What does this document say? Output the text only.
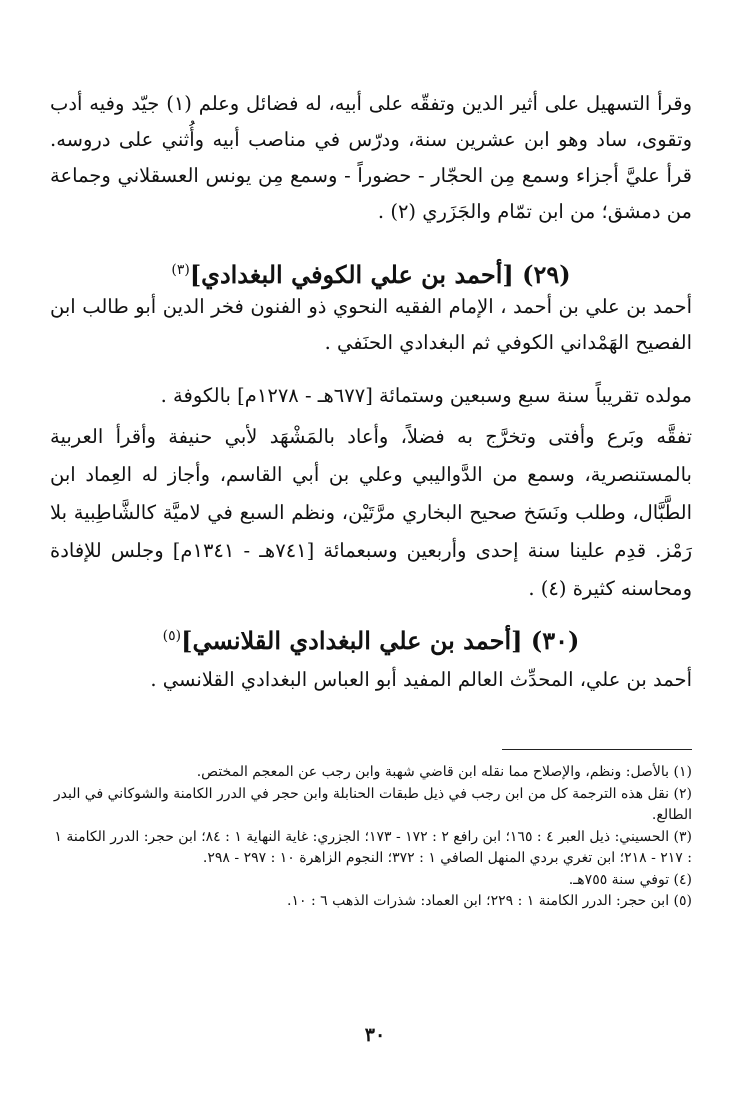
وقرأ التسهيل على أثير الدين وتفقّه على أبيه، له فضائل وعلم (١) جيّد وفيه أدب وتقوى، ساد وهو ابن عشرين سنة، ودرّس في مناصب أبيه وأُثني على دروسه. قرأ عليَّ أجزاء وسمع مِن الحجّار - حضوراً - وسمع مِن يونس العسقلاني وجماعة من دمشق؛ من ابن تمّام والجَزَري (٢) .

(٢٩) [أحمد بن علي الكوفي البغدادي]$^{(٣)}$

أحمد بن علي بن أحمد ، الإمام الفقيه النحوي ذو الفنون فخر الدين أبو طالب ابن الفصيح الهَمْداني الكوفي ثم البغدادي الحنَفي .

مولده تقريباً سنة سبع وسبعين وستمائة [٦٧٧هـ - ١٢٧٨م] بالكوفة .

تفقَّه وبَرع وأفتى وتخرَّج به فضلاً، وأعاد بالمَشْهَد لأبي حنيفة وأقرأ العربية بالمستنصرية، وسمع من الدَّواليبي وعلي بن أبي القاسم، وأجاز له العِماد ابن الطَّبَّال، وطلب ونَسَخ صحيح البخاري مرَّتَيْن، ونظم السبع في لاميَّة كالشَّاطِبية بلا رَمْز. قدِم علينا سنة إحدى وأربعين وسبعمائة [٧٤١هـ - ١٣٤١م] وجلس للإفادة ومحاسنه كثيرة (٤) .

(٣٠) [أحمد بن علي البغدادي القلانسي]$^{(٥)}$

أحمد بن علي، المحدِّث العالم المفيد أبو العباس البغدادي القلانسي .

(١) بالأصل: ونظم، والإصلاح مما نقله ابن قاضي شهبة وابن رجب عن المعجم المختص.

(٢) نقل هذه الترجمة كل من ابن رجب في ذيل طبقات الحنابلة وابن حجر في الدرر الكامنة والشوكاني في البدر الطالع.

(٣) الحسيني: ذيل العبر ٤ : ١٦٥؛ ابن رافع ٢ : ١٧٢ - ١٧٣؛ الجزري: غاية النهاية ١ : ٨٤؛ ابن حجر: الدرر الكامنة ١ : ٢١٧ - ٢١٨؛ ابن تغري بردي المنهل الصافي ١ : ٣٧٢؛ النجوم الزاهرة ١٠ : ٢٩٧ - ٢٩٨.

(٤) توفي سنة ٧٥٥هـ.

(٥) ابن حجر: الدرر الكامنة ١ : ٢٢٩؛ ابن العماد: شذرات الذهب ٦ : ١٠.

٣٠
